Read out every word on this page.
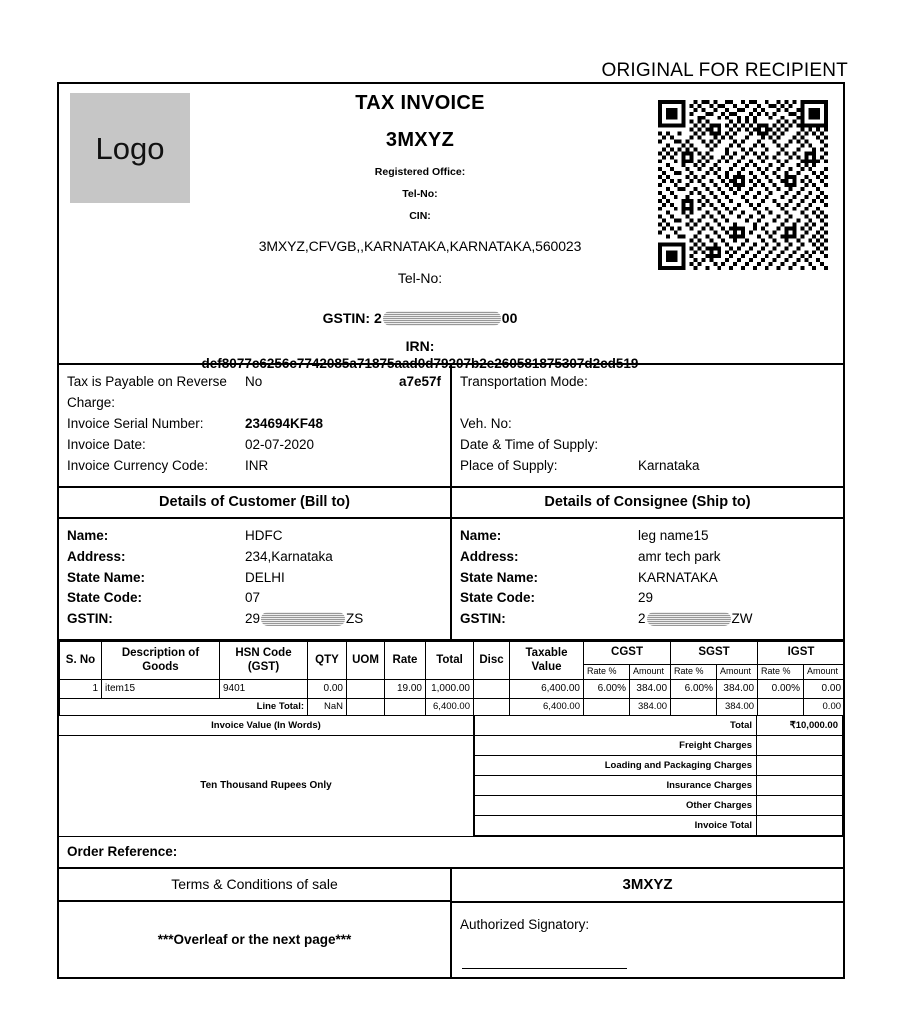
ORIGINAL FOR RECIPIENT
Logo
TAX INVOICE
3MXYZ
Registered Office:
Tel-No:
CIN:
3MXYZ,CFVGB,,KARNATAKA,KARNATAKA,560023
Tel-No:
GSTIN: 2	00
IRN:
def8077c6256c7742085a71875aad0d79207b2e260581875307d2cd519a7e57f
Tax is Payable on Reverse Charge:
No
Invoice Serial Number:	234694KF48
Invoice Date:	02-07-2020
Invoice Currency Code:	INR
Transportation Mode:
Veh. No:
Date & Time of Supply:
Place of Supply:	Karnataka
Details of Customer (Bill to)	Details of Consignee (Ship to)
Name:	HDFC
Address:	234,Karnataka
State Name:	DELHI
State Code:	07
GSTIN:	29	ZS
Name:	leg name15
Address:	amr tech park
State Name:	KARNATAKA
State Code:	29
GSTIN:	2	ZW
S. No	Description of Goods	HSN Code (GST)	QTY	UOM	Rate	Total	Disc	Taxable Value	CGST		SGST		IGST	
									Rate %	Amount	Rate %	Amount	Rate %	Amount
1	item15	9401	0.00		19.00	1,000.00		6,400.00	6.00%	384.00	6.00%	384.00	0.00%	0.00
Line Total:			NaN			6,400.00		6,400.00		384.00		384.00		0.00
Invoice Value (In Words)
Ten Thousand Rupees Only
Total	₹10,000.00
Freight Charges	
Loading and Packaging Charges	
Insurance Charges	
Other Charges	
Invoice Total	
Order Reference:
Terms & Conditions of sale
***Overleaf or the next page***
3MXYZ
Authorized Signatory:
